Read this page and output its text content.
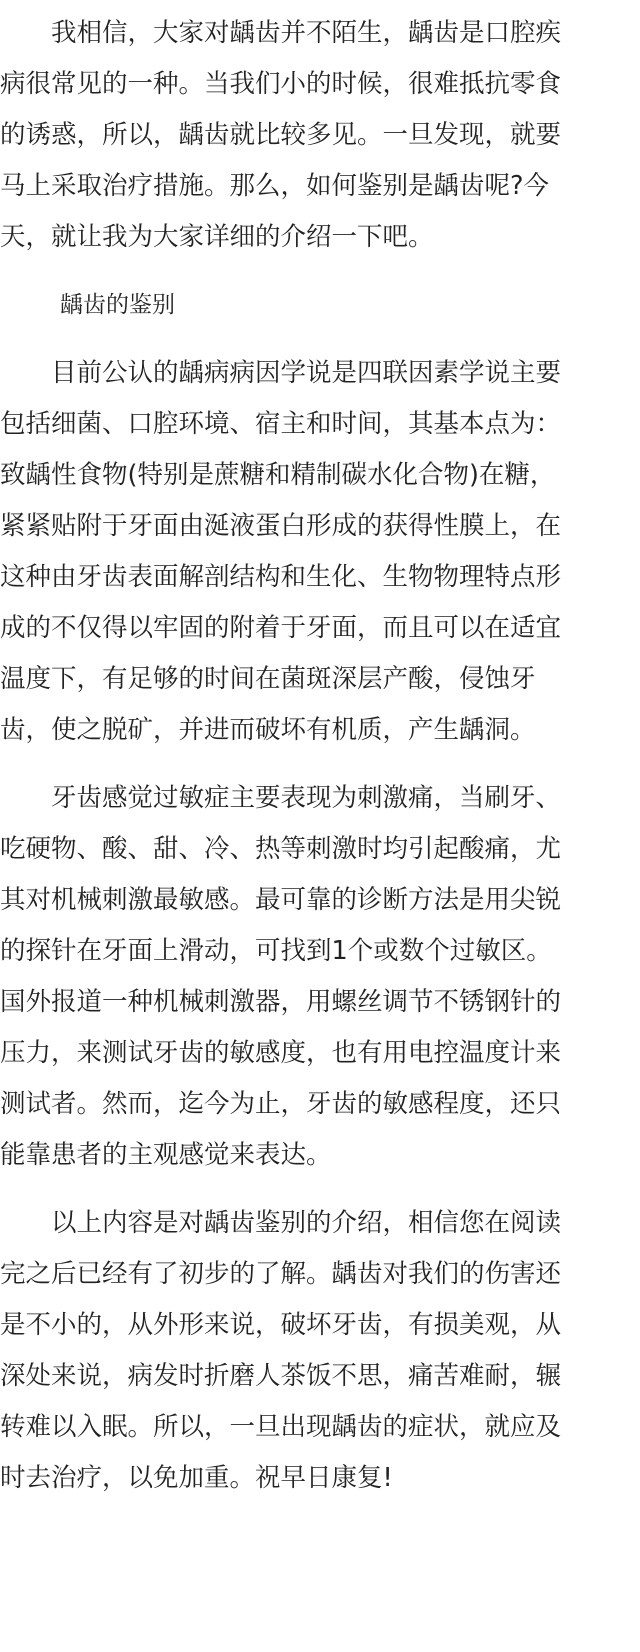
　　我相信，大家对龋齿并不陌生，龋齿是口腔疾
病很常见的一种。当我们小的时候，很难抵抗零食
的诱惑，所以，龋齿就比较多见。一旦发现，就要
马上采取治疗措施。那么，如何鉴别是龋齿呢?今
天，就让我为大家详细的介绍一下吧。
龋齿的鉴别
　　目前公认的龋病病因学说是四联因素学说主要
包括细菌、口腔环境、宿主和时间，其基本点为：
致龋性食物(特别是蔗糖和精制碳水化合物)在糖，
紧紧贴附于牙面由涎液蛋白形成的获得性膜上，在
这种由牙齿表面解剖结构和生化、生物物理特点形
成的不仅得以牢固的附着于牙面，而且可以在适宜
温度下，有足够的时间在菌斑深层产酸，侵蚀牙
齿，使之脱矿，并进而破坏有机质，产生龋洞。
　　牙齿感觉过敏症主要表现为刺激痛，当刷牙、
吃硬物、酸、甜、冷、热等刺激时均引起酸痛，尤
其对机械刺激最敏感。最可靠的诊断方法是用尖锐
的探针在牙面上滑动，可找到1个或数个过敏区。
国外报道一种机械刺激器，用螺丝调节不锈钢针的
压力，来测试牙齿的敏感度，也有用电控温度计来
测试者。然而，迄今为止，牙齿的敏感程度，还只
能靠患者的主观感觉来表达。
　　以上内容是对龋齿鉴别的介绍，相信您在阅读
完之后已经有了初步的了解。龋齿对我们的伤害还
是不小的，从外形来说，破坏牙齿，有损美观，从
深处来说，病发时折磨人茶饭不思，痛苦难耐，辗
转难以入眠。所以，一旦出现龋齿的症状，就应及
时去治疗，以免加重。祝早日康复!
